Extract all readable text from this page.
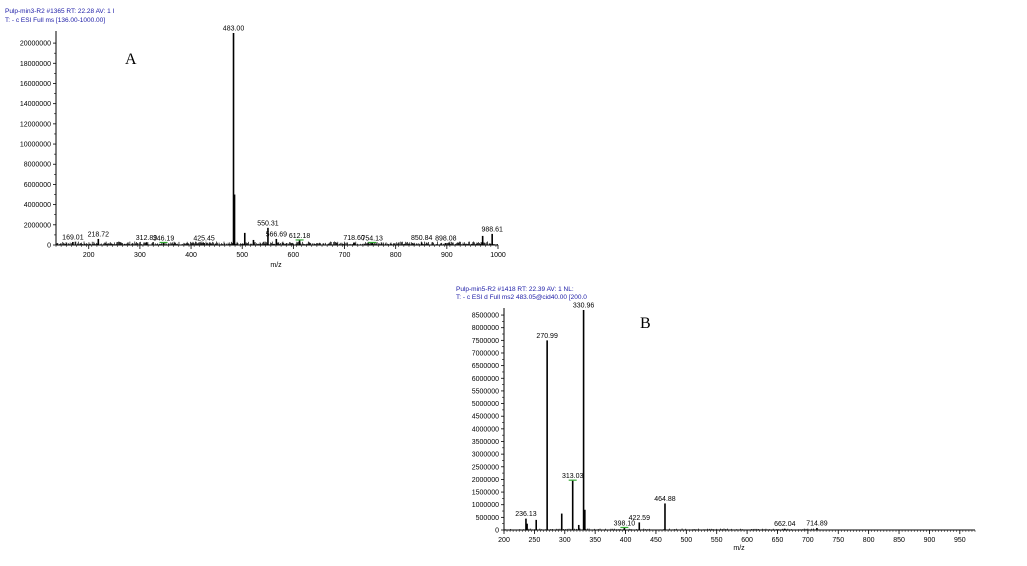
Pulp-min3-R2 #1365 RT: 22.28 AV: 1 I
T: - c ESI Full ms [136.00-1000.00]
A
m/z
0
2000000
4000000
6000000
8000000
10000000
12000000
14000000
16000000
18000000
20000000
200	300	400	500	600	700	800	900	1000
169.01 218.72
312.89
346.19	425.45
483.00
550.31
566.69 612.18	718.60
754.13	850.84 898.08
988.61
Pulp-min5-R2 #1418 RT: 22.39 AV: 1 NL:
T: - c ESI d Full ms2 483.05@cid40.00 [200.0
B
m/z
0
500000
1000000
1500000
2000000
2500000
3000000
3500000
4000000
4500000
5000000
5500000
6000000
6500000
7000000
7500000
8000000
8500000
200	250	300	350	400	450	500	550	600	650	700	750	800	850	900	950
236.13
270.99
313.03
330.96
398.10
422.59
464.88
662.04 714.89
